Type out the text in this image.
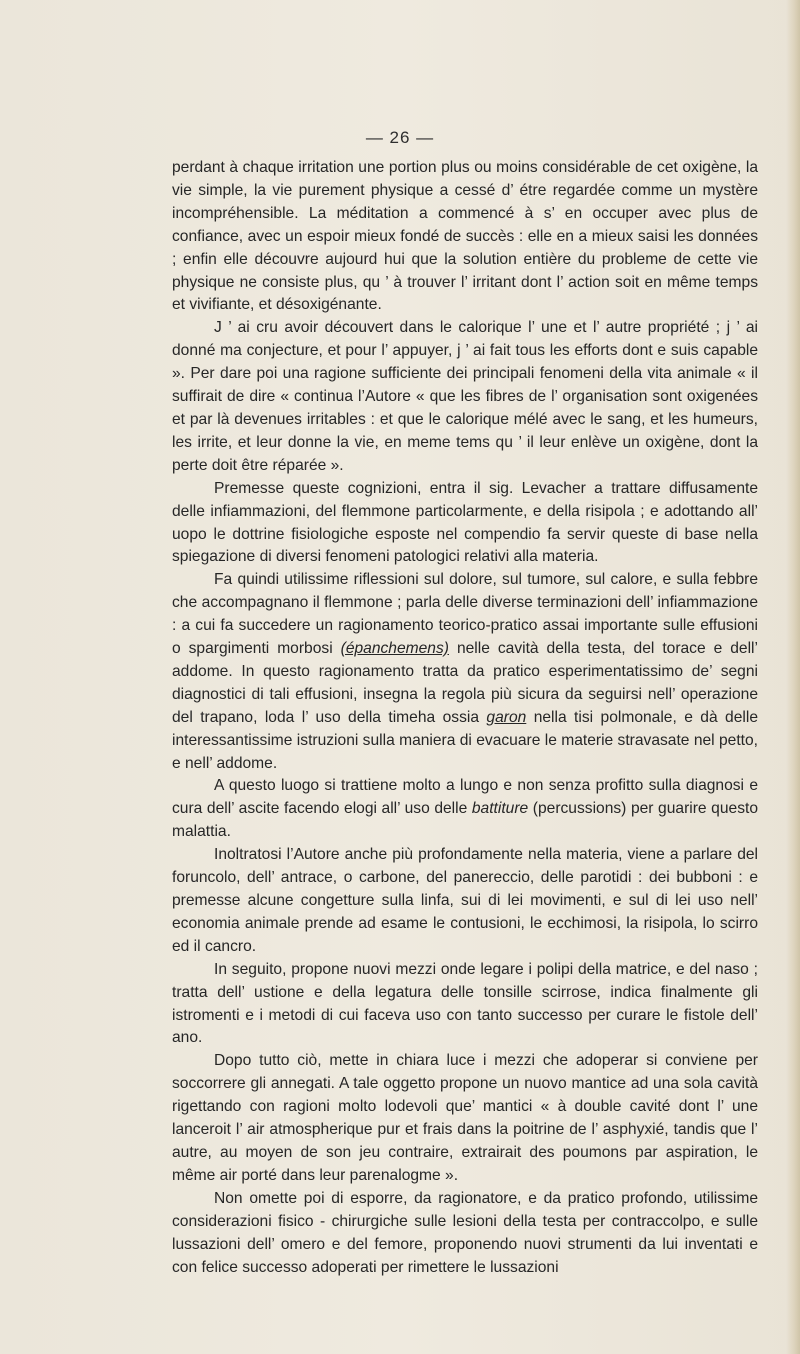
— 26 —

perdant à chaque irritation une portion plus ou moins considérable de cet oxigène, la vie simple, la vie purement physique a cessé d’ étre regardée comme un mystère incompréhensible. La méditation a commencé à s’ en occuper avec plus de confiance, avec un espoir mieux fondé de succès : elle en a mieux saisi les données ; enfin elle découvre aujourd hui que la solution entière du probleme de cette vie physique ne consiste plus, qu ’ à trouver l’ irritant dont l’ action soit en même temps et vivifiante, et désoxigénante.

J ’ ai cru avoir découvert dans le calorique l’ une et l’ autre propriété ; j ’ ai donné ma conjecture, et pour l’ appuyer, j ’ ai fait tous les efforts dont e suis capable ». Per dare poi una ragione sufficiente dei principali fenomeni della vita animale « il suffirait de dire « continua l’Autore « que les fibres de l’ organisation sont oxigenées et par là devenues irritables : et que le calorique mélé avec le sang, et les humeurs, les irrite, et leur donne la vie, en meme tems qu ’ il leur enlève un oxigène, dont la perte doit être réparée ».

Premesse queste cognizioni, entra il sig. Levacher a trattare diffusamente delle infiammazioni, del flemmone particolarmente, e della risipola ; e adottando all’ uopo le dottrine fisiologiche esposte nel compendio fa servir queste di base nella spiegazione di diversi fenomeni patologici relativi alla materia.

Fa quindi utilissime riflessioni sul dolore, sul tumore, sul calore, e sulla febbre che accompagnano il flemmone ; parla delle diverse terminazioni dell’ infiammazione : a cui fa succedere un ragionamento teorico-pratico assai importante sulle effusioni o spargimenti morbosi (épanchemens) nelle cavità della testa, del torace e dell’ addome. In questo ragionamento tratta da pratico esperimentatissimo de’ segni diagnostici di tali effusioni, insegna la regola più sicura da seguirsi nell’ operazione del trapano, loda l’ uso della timeha ossia garon nella tisi polmonale, e dà delle interessantissime istruzioni sulla maniera di evacuare le materie stravasate nel petto, e nell’ addome.

A questo luogo si trattiene molto a lungo e non senza profitto sulla diagnosi e cura dell’ ascite facendo elogi all’ uso delle battiture (percussions) per guarire questo malattia.

Inoltratosi l’Autore anche più profondamente nella materia, viene a parlare del foruncolo, dell’ antrace, o carbone, del panereccio, delle parotidi : dei bubboni : e premesse alcune congetture sulla linfa, sui di lei movimenti, e sul di lei uso nell’ economia animale prende ad esame le contusioni, le ecchimosi, la risipola, lo scirro ed il cancro.

In seguito, propone nuovi mezzi onde legare i polipi della matrice, e del naso ; tratta dell’ ustione e della legatura delle tonsille scirrose, indica finalmente gli istromenti e i metodi di cui faceva uso con tanto successo per curare le fistole dell’ ano.

Dopo tutto ciò, mette in chiara luce i mezzi che adoperar si conviene per soccorrere gli annegati. A tale oggetto propone un nuovo mantice ad una sola cavità rigettando con ragioni molto lodevoli que’ mantici « à double cavité dont l’ une lanceroit l’ air atmospherique pur et frais dans la poitrine de l’ asphyxié, tandis que l’ autre, au moyen de son jeu contraire, extrairait des poumons par aspiration, le même air porté dans leur parenalogme ».

Non omette poi di esporre, da ragionatore, e da pratico profondo, utilissime considerazioni fisico - chirurgiche sulle lesioni della testa per contraccolpo, e sulle lussazioni dell’ omero e del femore, proponendo nuovi strumenti da lui inventati e con felice successo adoperati per rimettere le lussazioni
